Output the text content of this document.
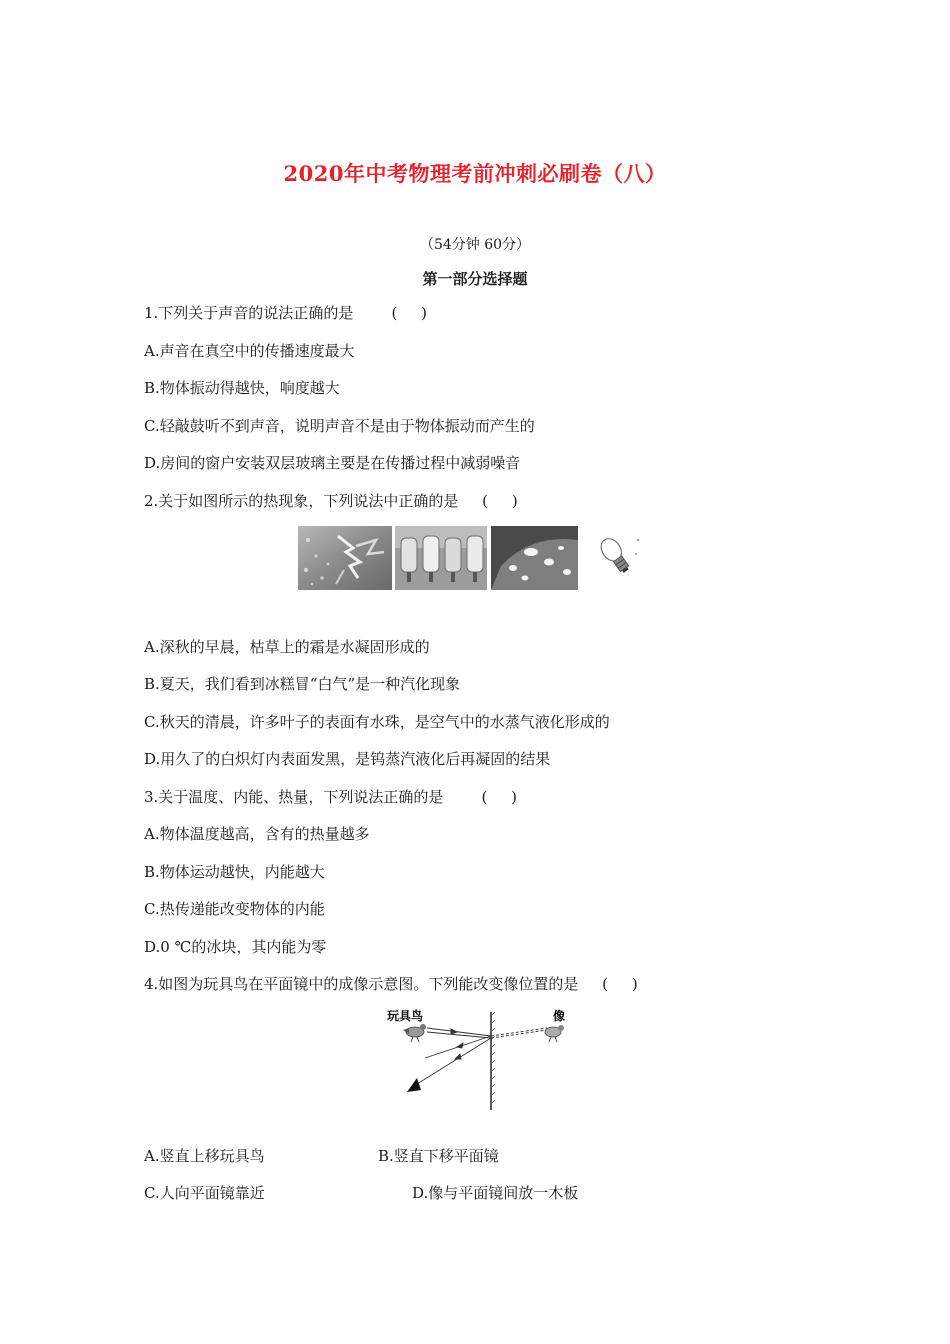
2020年中考物理考前冲刺必刷卷（八）
（54分钟 60分）
第一部分选择题
1.下列关于声音的说法正确的是        (     )
A.声音在真空中的传播速度最大
B.物体振动得越快，响度越大
C.轻敲鼓听不到声音，说明声音不是由于物体振动而产生的
D.房间的窗户安装双层玻璃主要是在传播过程中减弱噪音
2.关于如图所示的热现象，下列说法中正确的是     (     )
A.深秋的早晨，枯草上的霜是水凝固形成的
B.夏天，我们看到冰糕冒“白气”是一种汽化现象
C.秋天的清晨，许多叶子的表面有水珠，是空气中的水蒸气液化形成的
D.用久了的白炽灯内表面发黑，是钨蒸汽液化后再凝固的结果
3.关于温度、内能、热量，下列说法正确的是        (     )
A.物体温度越高，含有的热量越多
B.物体运动越快，内能越大
C.热传递能改变物体的内能
D.0 ℃的冰块，其内能为零
4.如图为玩具鸟在平面镜中的成像示意图。下列能改变像位置的是     (     )
玩具鸟	像
A.竖直上移玩具鸟	B.竖直下移平面镜
C.人向平面镜靠近	D.像与平面镜间放一木板
